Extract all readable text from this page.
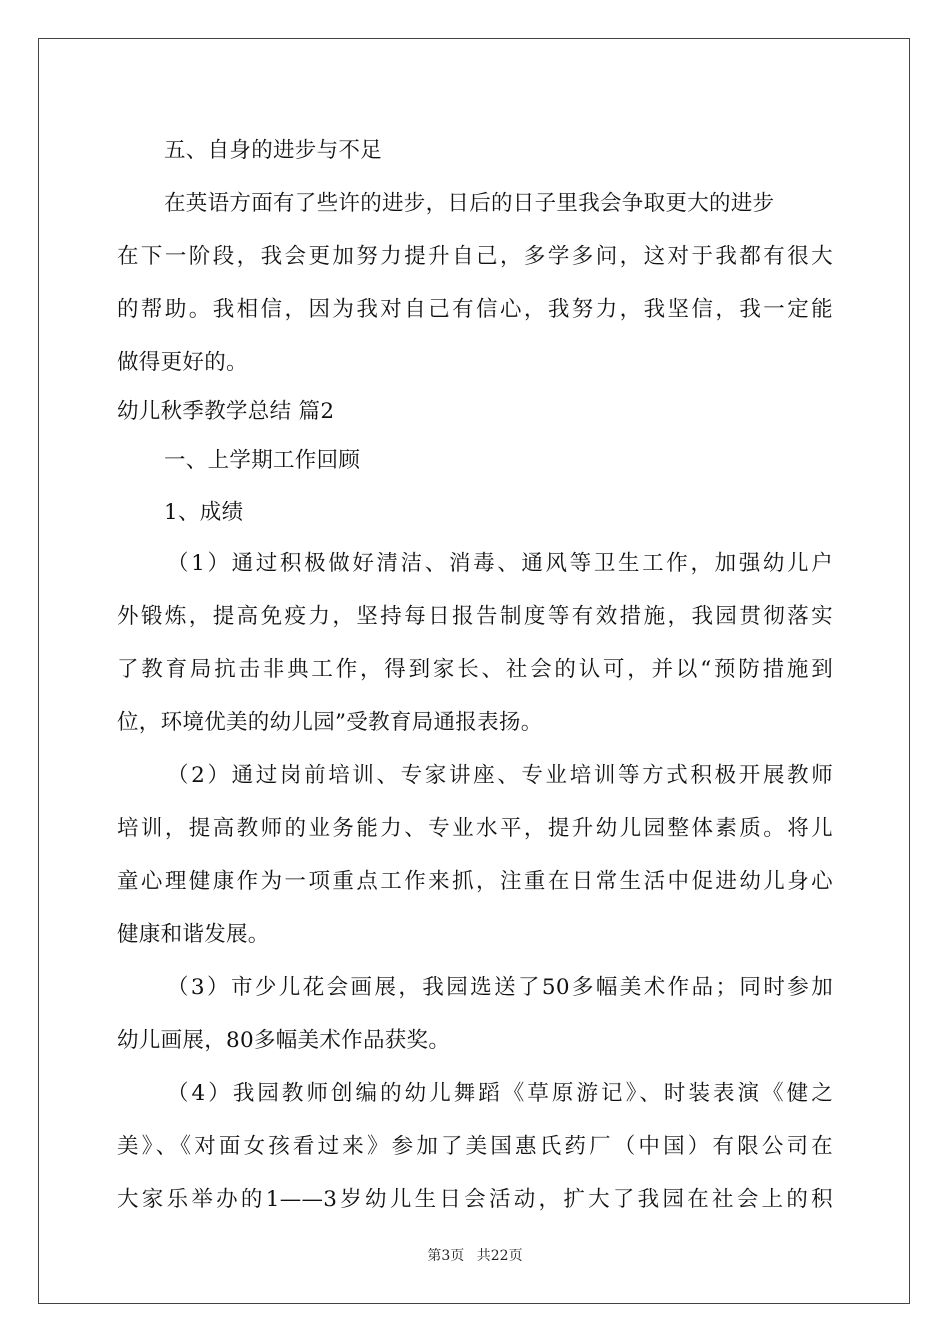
五、自身的进步与不足
在英语方面有了些许的进步，日后的日子里我会争取更大的进步
在下一阶段，我会更加努力提升自己，多学多问，这对于我都有很大
的帮助。我相信，因为我对自己有信心，我努力，我坚信，我一定能
做得更好的。
幼儿秋季教学总结 篇2
一、上学期工作回顾
1、成绩
（1）通过积极做好清洁、消毒、通风等卫生工作，加强幼儿户
外锻炼，提高免疫力，坚持每日报告制度等有效措施，我园贯彻落实
了教育局抗击非典工作，得到家长、社会的认可，并以“预防措施到
位，环境优美的幼儿园”受教育局通报表扬。
（2）通过岗前培训、专家讲座、专业培训等方式积极开展教师
培训，提高教师的业务能力、专业水平，提升幼儿园整体素质。将儿
童心理健康作为一项重点工作来抓，注重在日常生活中促进幼儿身心
健康和谐发展。
（3）市少儿花会画展，我园选送了50多幅美术作品；同时参加
幼儿画展，80多幅美术作品获奖。
（4）我园教师创编的幼儿舞蹈《草原游记》、时装表演《健之
美》、《对面女孩看过来》参加了美国惠氏药厂（中国）有限公司在
大家乐举办的1——3岁幼儿生日会活动，扩大了我园在社会上的积
第3页 共22页
